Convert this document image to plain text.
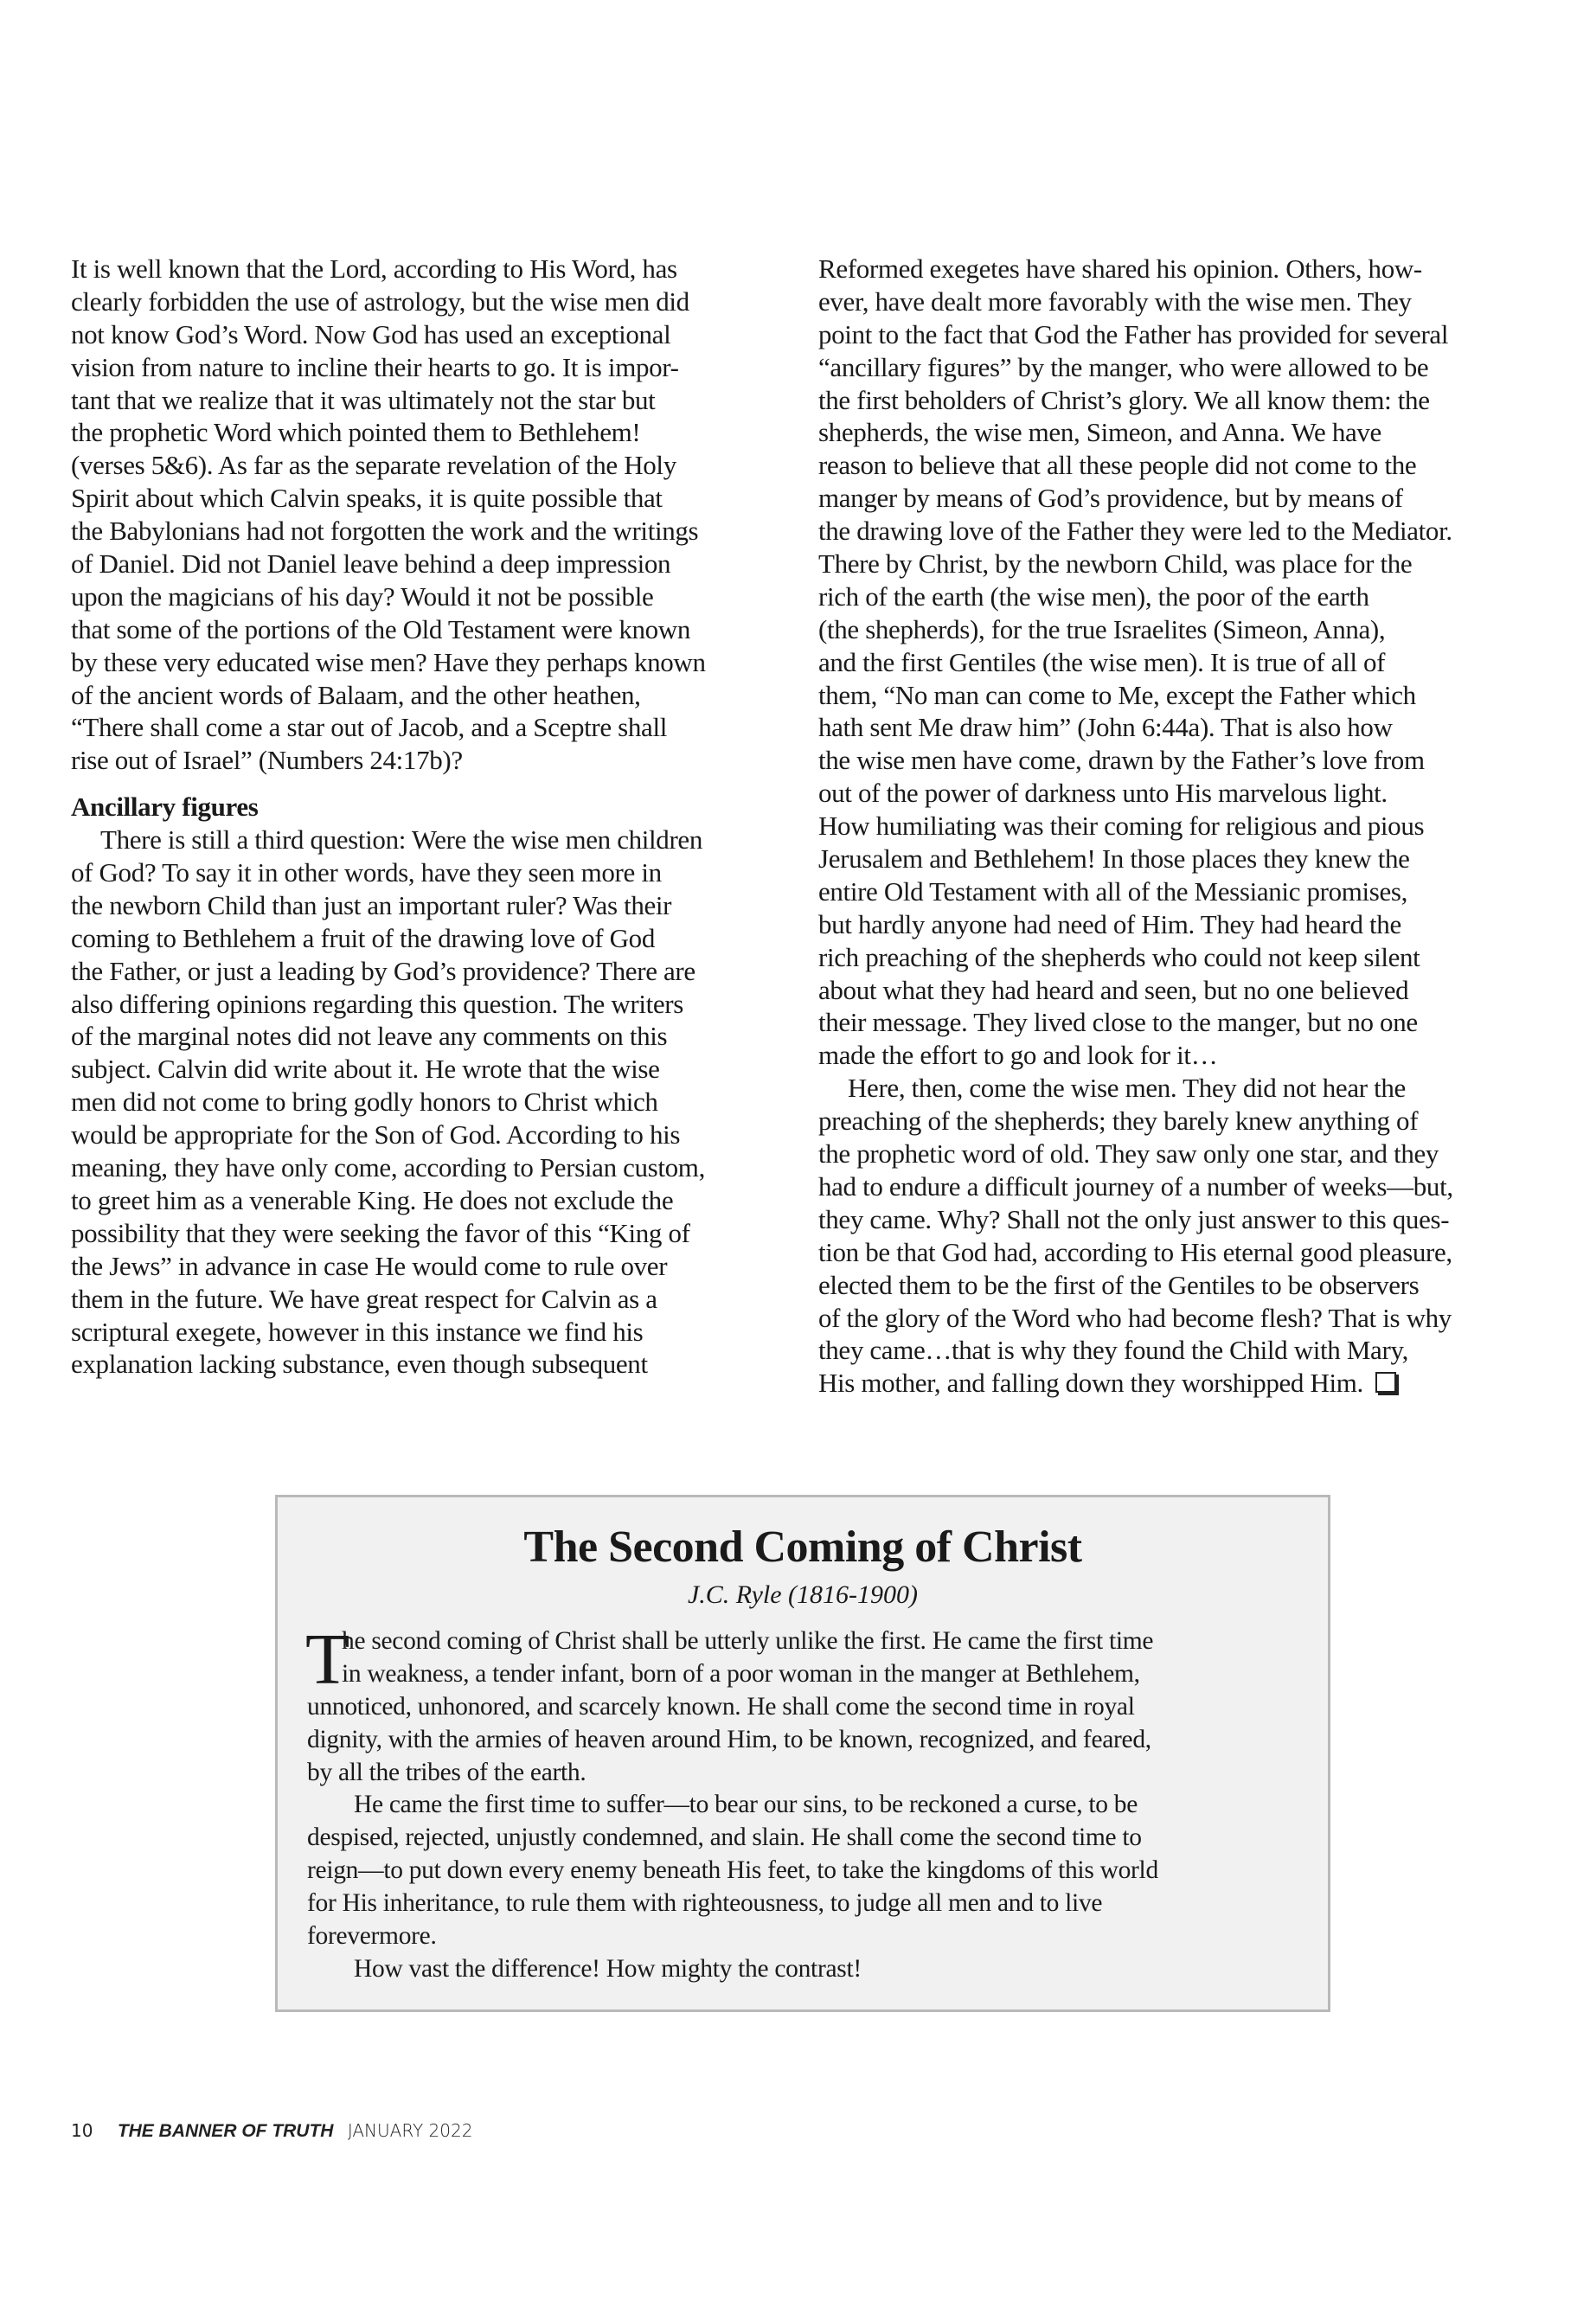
It is well known that the Lord, according to His Word, has
clearly forbidden the use of astrology, but the wise men did
not know God’s Word. Now God has used an exceptional
vision from nature to incline their hearts to go. It is impor-
tant that we realize that it was ultimately not the star but
the prophetic Word which pointed them to Bethlehem!
(verses 5&6). As far as the separate revelation of the Holy
Spirit about which Calvin speaks, it is quite possible that
the Babylonians had not forgotten the work and the writings
of Daniel. Did not Daniel leave behind a deep impression
upon the magicians of his day? Would it not be possible
that some of the portions of the Old Testament were known
by these very educated wise men? Have they perhaps known
of the ancient words of Balaam, and the other heathen,
“There shall come a star out of Jacob, and a Sceptre shall
rise out of Israel” (Numbers 24:17b)?
Ancillary figures
There is still a third question: Were the wise men children
of God? To say it in other words, have they seen more in
the newborn Child than just an important ruler? Was their
coming to Bethlehem a fruit of the drawing love of God
the Father, or just a leading by God’s providence? There are
also differing opinions regarding this question. The writers
of the marginal notes did not leave any comments on this
subject. Calvin did write about it. He wrote that the wise
men did not come to bring godly honors to Christ which
would be appropriate for the Son of God. According to his
meaning, they have only come, according to Persian custom,
to greet him as a venerable King. He does not exclude the
possibility that they were seeking the favor of this “King of
the Jews” in advance in case He would come to rule over
them in the future. We have great respect for Calvin as a
scriptural exegete, however in this instance we find his
explanation lacking substance, even though subsequent
Reformed exegetes have shared his opinion. Others, how-
ever, have dealt more favorably with the wise men. They
point to the fact that God the Father has provided for several
“ancillary figures” by the manger, who were allowed to be
the first beholders of Christ’s glory. We all know them: the
shepherds, the wise men, Simeon, and Anna. We have
reason to believe that all these people did not come to the
manger by means of God’s providence, but by means of
the drawing love of the Father they were led to the Mediator.
There by Christ, by the newborn Child, was place for the
rich of the earth (the wise men), the poor of the earth
(the shepherds), for the true Israelites (Simeon, Anna),
and the first Gentiles (the wise men). It is true of all of
them, “No man can come to Me, except the Father which
hath sent Me draw him” (John 6:44a). That is also how
the wise men have come, drawn by the Father’s love from
out of the power of darkness unto His marvelous light.
How humiliating was their coming for religious and pious
Jerusalem and Bethlehem! In those places they knew the
entire Old Testament with all of the Messianic promises,
but hardly anyone had need of Him. They had heard the
rich preaching of the shepherds who could not keep silent
about what they had heard and seen, but no one believed
their message. They lived close to the manger, but no one
made the effort to go and look for it…
Here, then, come the wise men. They did not hear the
preaching of the shepherds; they barely knew anything of
the prophetic word of old. They saw only one star, and they
had to endure a difficult journey of a number of weeks—but,
they came. Why? Shall not the only just answer to this ques-
tion be that God had, according to His eternal good pleasure,
elected them to be the first of the Gentiles to be observers
of the glory of the Word who had become flesh? That is why
they came…that is why they found the Child with Mary,
His mother, and falling down they worshipped Him.
The Second Coming of Christ
J.C. Ryle (1816-1900)
T
he second coming of Christ shall be utterly unlike the first. He came the first time
in weakness, a tender infant, born of a poor woman in the manger at Bethlehem,
unnoticed, unhonored, and scarcely known. He shall come the second time in royal
dignity, with the armies of heaven around Him, to be known, recognized, and feared,
by all the tribes of the earth.
He came the first time to suffer—to bear our sins, to be reckoned a curse, to be
despised, rejected, unjustly condemned, and slain. He shall come the second time to
reign—to put down every enemy beneath His feet, to take the kingdoms of this world
for His inheritance, to rule them with righteousness, to judge all men and to live
forevermore.
How vast the difference! How mighty the contrast!
10 THE BANNER OF TRUTH JANUARY 2022
